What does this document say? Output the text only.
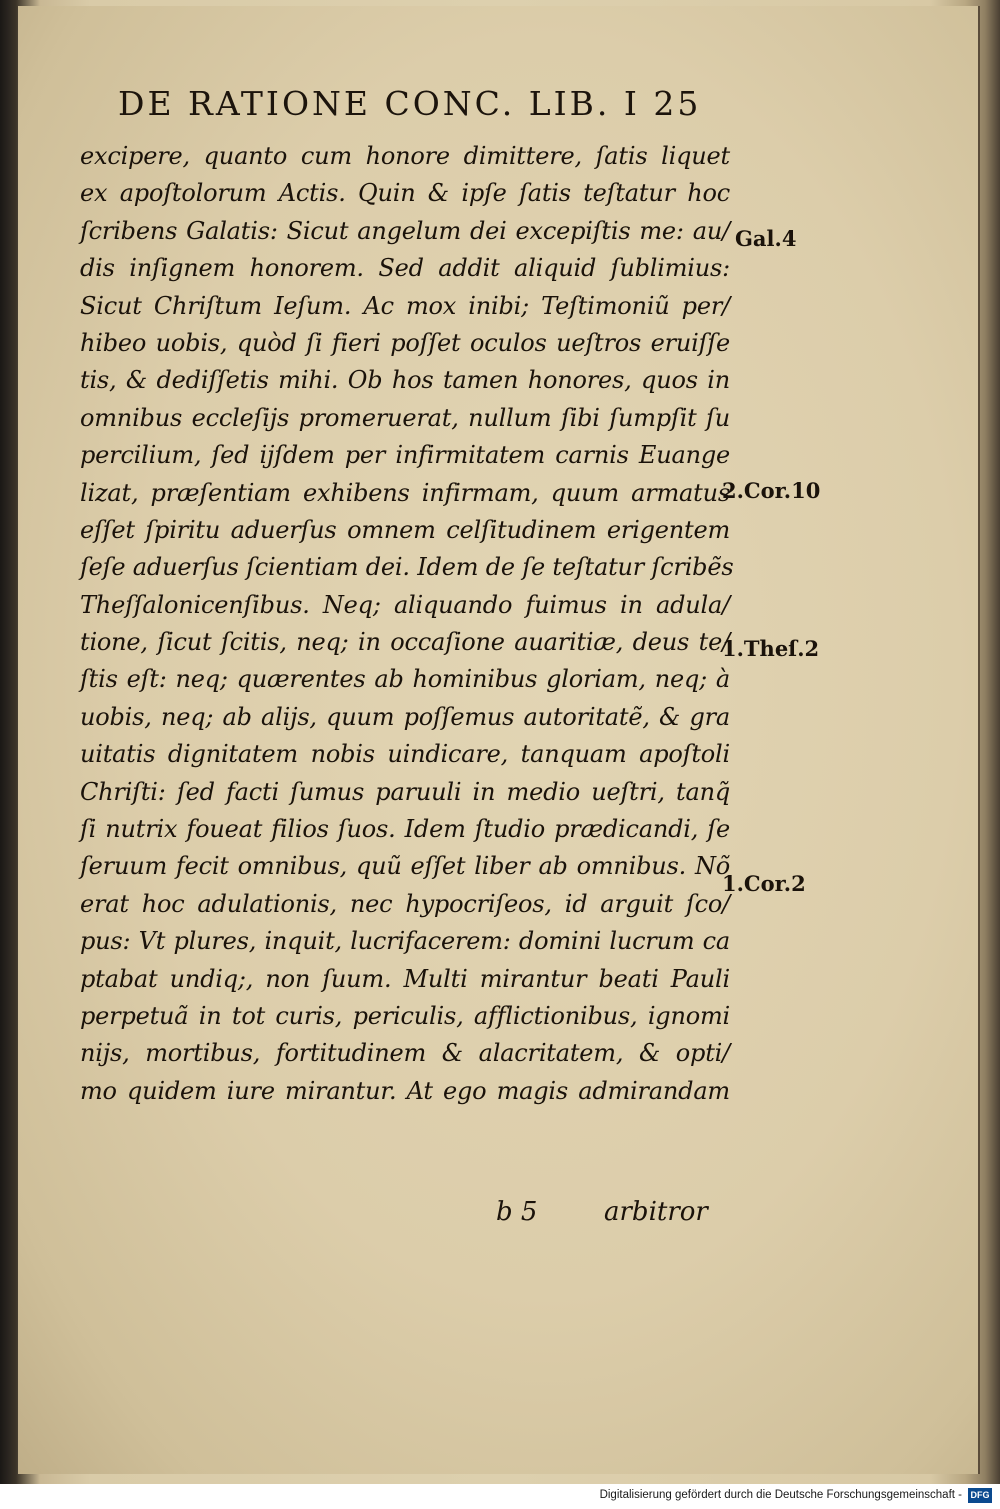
DE RATIONE CONC. LIB. I 25
excipere, quanto cum honore dimittere, ſatis liquet
ex apoſtolorum Actis. Quin & ipſe ſatis teſtatur hoc
ſcribens Galatis: Sicut angelum dei excepiſtis me: au/
dis inſignem honorem. Sed addit aliquid ſublimius:
Sicut Chriſtum Ieſum. Ac mox inibi; Teſtimoniũ per/
hibeo uobis, quòd ſi fieri poſſet oculos ueſtros eruiſſe
tis, & dediſſetis mihi. Ob hos tamen honores, quos in
omnibus eccleſijs promeruerat, nullum ſibi ſumpſit ſu
percilium, ſed ijſdem per infirmitatem carnis Euange
lizat, præſentiam exhibens infirmam, quum armatus
eſſet ſpiritu aduerſus omnem celſitudinem erigentem
ſeſe aduerſus ſcientiam dei. Idem de ſe teſtatur ſcribẽs
Theſſalonicenſibus. Neq; aliquando fuimus in adula/
tione, ſicut ſcitis, neq; in occaſione auaritiæ, deus te/
ſtis eſt: neq; quærentes ab hominibus gloriam, neq; à
uobis, neq; ab alijs, quum poſſemus autoritatẽ, & gra
uitatis dignitatem nobis uindicare, tanquam apoſtoli
Chriſti: ſed facti ſumus paruuli in medio ueſtri, tanq̃
ſi nutrix foueat filios ſuos. Idem ſtudio prædicandi, ſe
ſeruum fecit omnibus, quũ eſſet liber ab omnibus. Nõ
erat hoc adulationis, nec hypocriſeos, id arguit ſco/
pus: Vt plures, inquit, lucrifacerem: domini lucrum ca
ptabat undiq;, non ſuum. Multi mirantur beati Pauli
perpetuã in tot curis, periculis, afflictionibus, ignomi
nijs, mortibus, fortitudinem & alacritatem, & opti/
mo quidem iure mirantur. At ego magis admirandam
Gal.4
2.Cor.10
1.Theſ.2
1.Cor.2
b 5	arbitror
Digitalisierung gefördert durch die Deutsche Forschungsgemeinschaft - DFG
